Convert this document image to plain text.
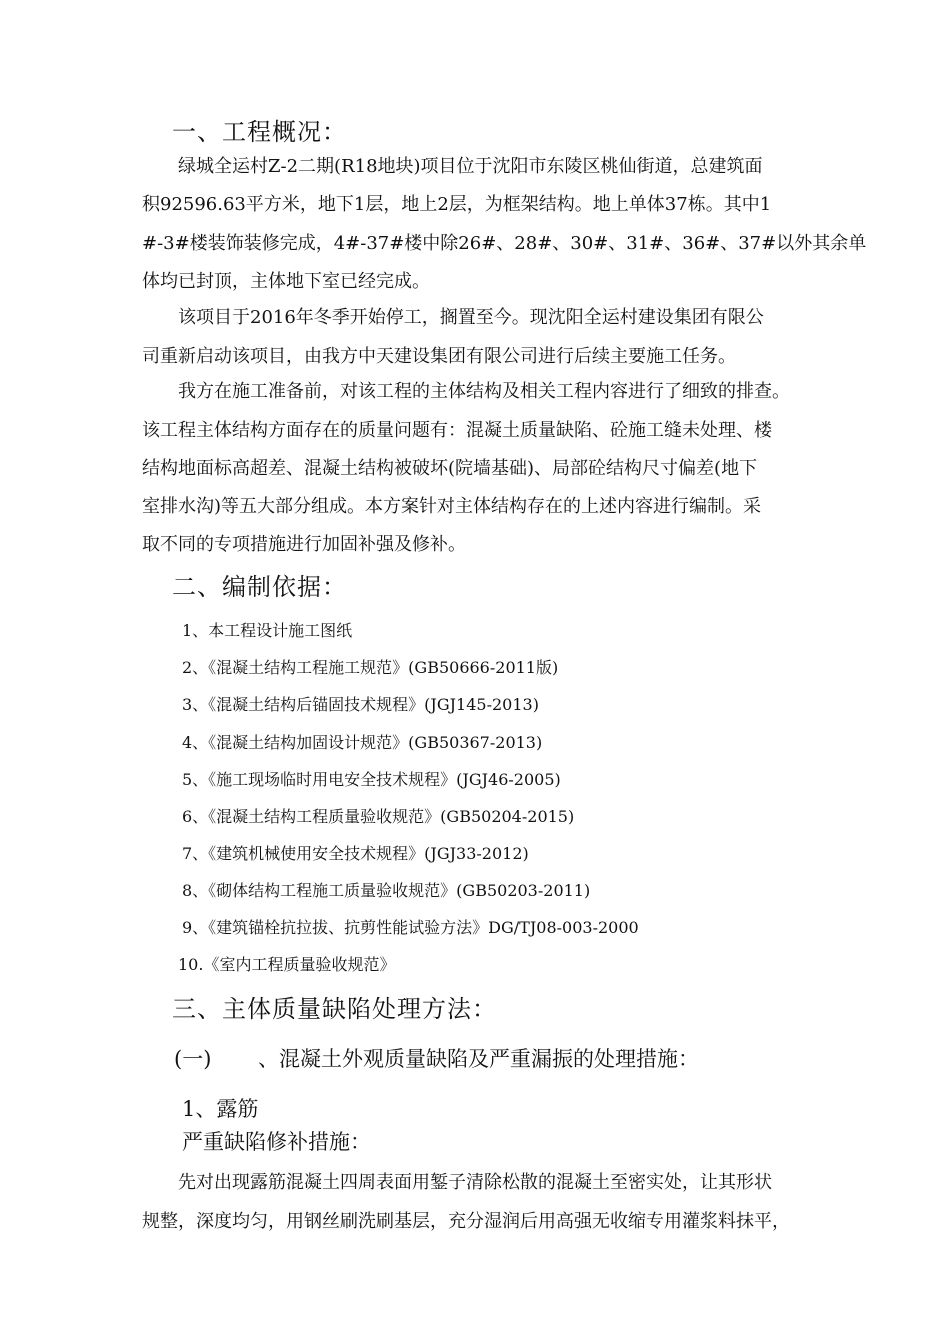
一、工程概况：
绿城全运村Z-2二期(R18地块)项目位于沈阳市东陵区桃仙街道，总建筑面
积92596.63平方米，地下1层，地上2层，为框架结构。地上单体37栋。其中1
#-3#楼装饰装修完成，4#-37#楼中除26#、28#、30#、31#、36#、37#以外其余单
体均已封顶，主体地下室已经完成。
该项目于2016年冬季开始停工，搁置至今。现沈阳全运村建设集团有限公
司重新启动该项目，由我方中天建设集团有限公司进行后续主要施工任务。
我方在施工准备前，对该工程的主体结构及相关工程内容进行了细致的排查。
该工程主体结构方面存在的质量问题有：混凝土质量缺陷、砼施工缝未处理、楼
结构地面标高超差、混凝土结构被破坏(院墙基础)、局部砼结构尺寸偏差(地下
室排水沟)等五大部分组成。本方案针对主体结构存在的上述内容进行编制。采
取不同的专项措施进行加固补强及修补。
二、编制依据：
1、本工程设计施工图纸
2、《混凝土结构工程施工规范》(GB50666-2011版)
3、《混凝土结构后锚固技术规程》(JGJ145-2013)
4、《混凝土结构加固设计规范》(GB50367-2013)
5、《施工现场临时用电安全技术规程》(JGJ46-2005)
6、《混凝土结构工程质量验收规范》(GB50204-2015)
7、《建筑机械使用安全技术规程》(JGJ33-2012)
8、《砌体结构工程施工质量验收规范》(GB50203-2011)
9、《建筑锚栓抗拉拔、抗剪性能试验方法》DG/TJ08-003-2000
10.《室内工程质量验收规范》
三、主体质量缺陷处理方法：
(一) 、混凝土外观质量缺陷及严重漏振的处理措施：
1、露筋
严重缺陷修补措施：
先对出现露筋混凝土四周表面用錾子清除松散的混凝土至密实处，让其形状
规整，深度均匀，用钢丝刷洗刷基层，充分湿润后用高强无收缩专用灌浆料抹平，
